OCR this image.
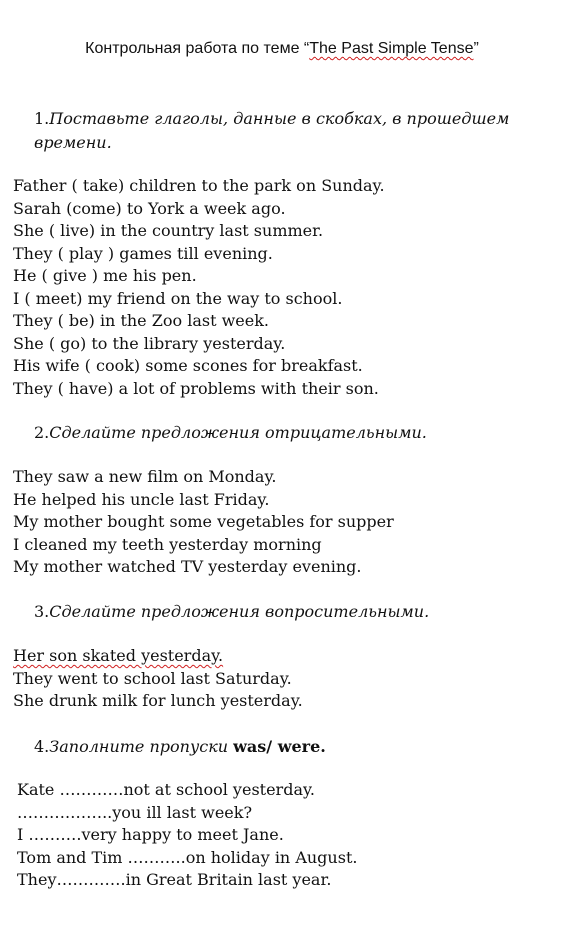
Контрольная работа по теме “The Past Simple Tense”
1.Поставьте глаголы, данные в скобках, в прошедшем
времени.
Father ( take) children to the park on Sunday.
Sarah (come) to York a week ago.
She ( live) in the country last summer.
They ( play ) games till evening.
He ( give ) me his pen.
I ( meet) my friend on the way to school.
They ( be) in the Zoo last week.
She ( go) to the library yesterday.
His wife ( cook) some scones for breakfast.
They ( have) a lot of problems with their son.
2.Сделайте предложения отрицательными.
They saw a new film on Monday.
He helped his uncle last Friday.
My mother bought some vegetables for supper
I cleaned my teeth yesterday morning
My mother watched TV yesterday evening.
3.Сделайте предложения вопросительными.
Her son skated yesterday.
They went to school last Saturday.
She drunk milk for lunch yesterday.
4.Заполните пропуски was/ were.
Kate …………not at school yesterday.
……….……..you ill last week?
I ……….very happy to meet Jane.
Tom and Tim ………..on holiday in August.
They………….in Great Britain last year.
